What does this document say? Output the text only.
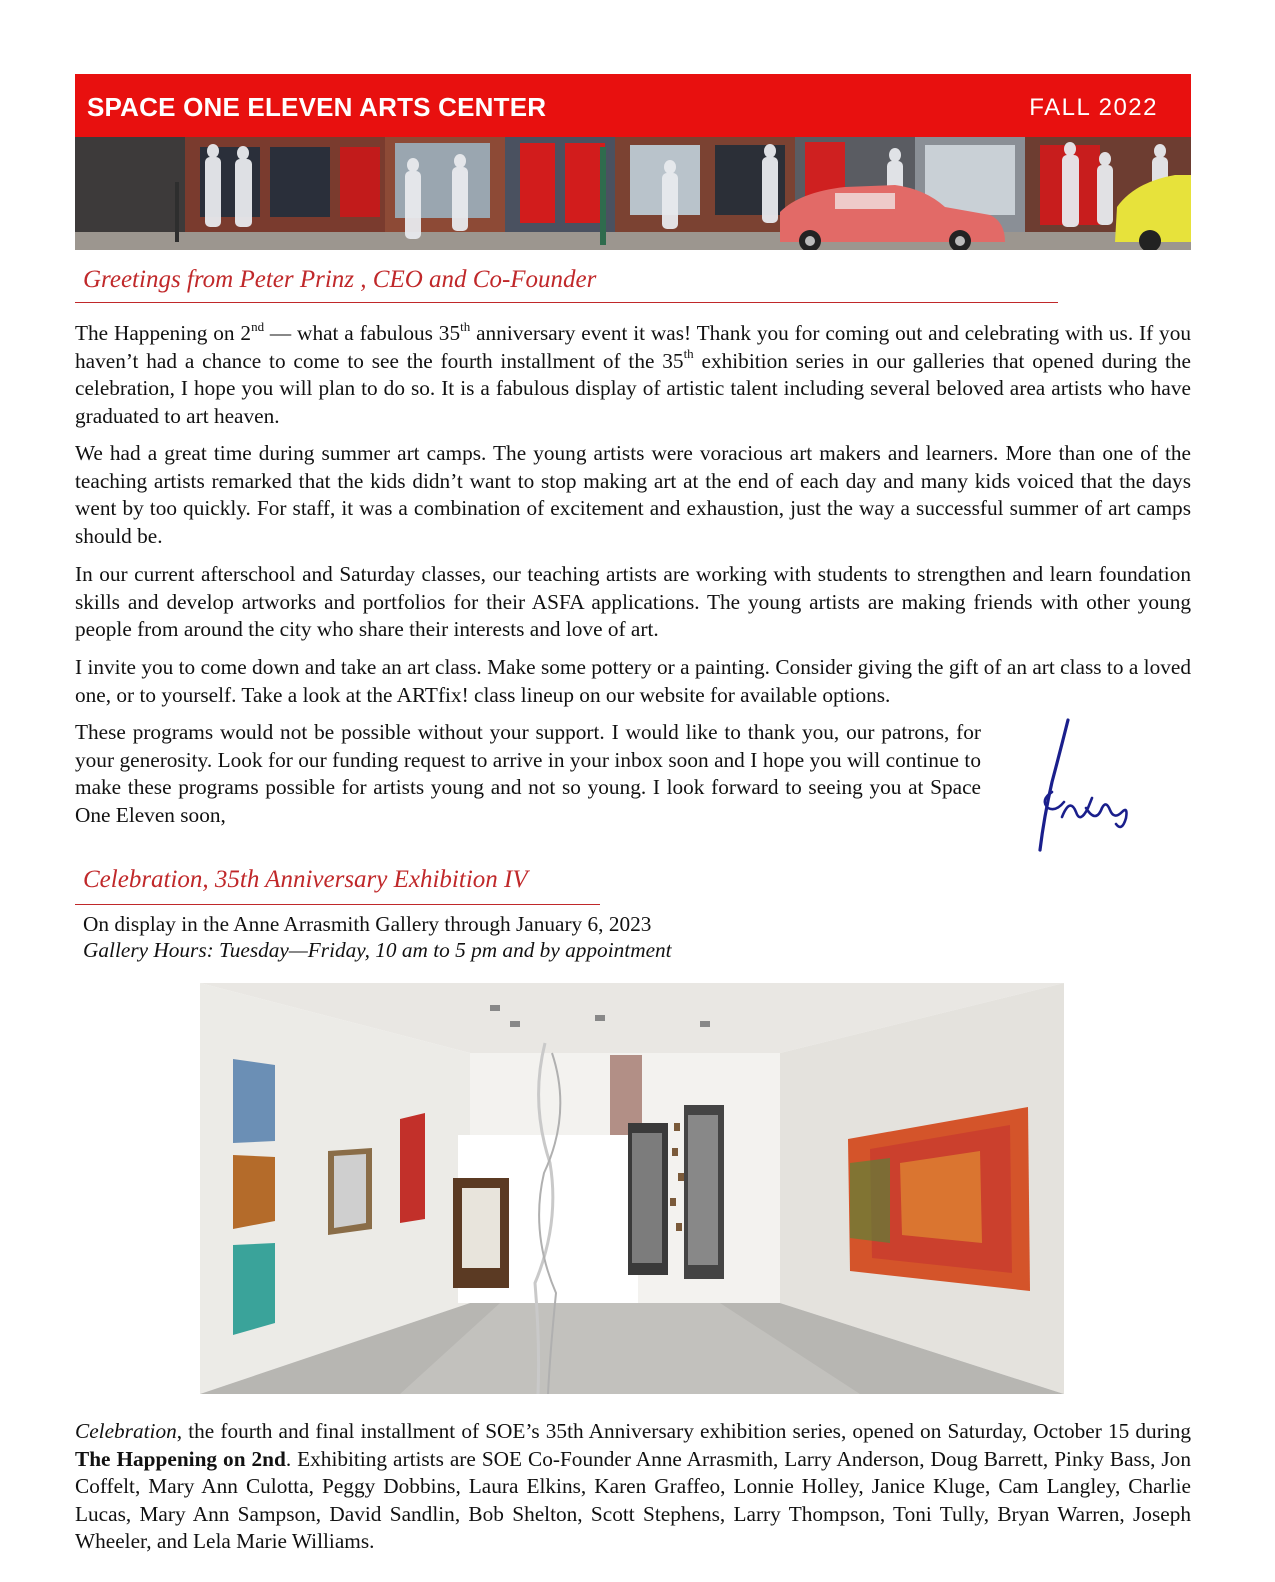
SPACE ONE ELEVEN ARTS CENTER	FALL 2022
Greetings from Peter Prinz , CEO and Co-Founder

The Happening on 2nd — what a fabulous 35th anniversary event it was! Thank you for coming out and celebrating with us. If you haven’t had a chance to come to see the fourth installment of the 35th exhibition series in our galleries that opened during the celebration, I hope you will plan to do so. It is a fabulous display of artistic talent including several beloved area artists who have graduated to art heaven.

We had a great time during summer art camps. The young artists were voracious art makers and learners. More than one of the teaching artists remarked that the kids didn’t want to stop making art at the end of each day and many kids voiced that the days went by too quickly. For staff, it was a combination of excitement and exhaustion, just the way a successful summer of art camps should be.

In our current afterschool and Saturday classes, our teaching artists are working with students to strengthen and learn foundation skills and develop artworks and portfolios for their ASFA applications. The young artists are making friends with other young people from around the city who share their interests and love of art.

I invite you to come down and take an art class. Make some pottery or a painting. Consider giving the gift of an art class to a loved one, or to yourself. Take a look at the ARTfix! class lineup on our website for available options.

These programs would not be possible without your support. I would like to thank you, our patrons, for your generosity. Look for our funding request to arrive in your inbox soon and I hope you will continue to make these programs possible for artists young and not so young. I look forward to seeing you at Space One Eleven soon,

Celebration, 35th Anniversary Exhibition IV
On display in the Anne Arrasmith Gallery through January 6, 2023
Gallery Hours: Tuesday—Friday, 10 am to 5 pm and by appointment

Celebration, the fourth and final installment of SOE’s 35th Anniversary exhibition series, opened on Saturday, October 15 during The Happening on 2nd. Exhibiting artists are SOE Co-Founder Anne Arrasmith, Larry Anderson, Doug Barrett, Pinky Bass, Jon Coffelt, Mary Ann Culotta, Peggy Dobbins, Laura Elkins, Karen Graffeo, Lonnie Holley, Janice Kluge, Cam Langley, Charlie Lucas, Mary Ann Sampson, David Sandlin, Bob Shelton, Scott Stephens, Larry Thompson, Toni Tully, Bryan Warren, Joseph Wheeler, and Lela Marie Williams.
